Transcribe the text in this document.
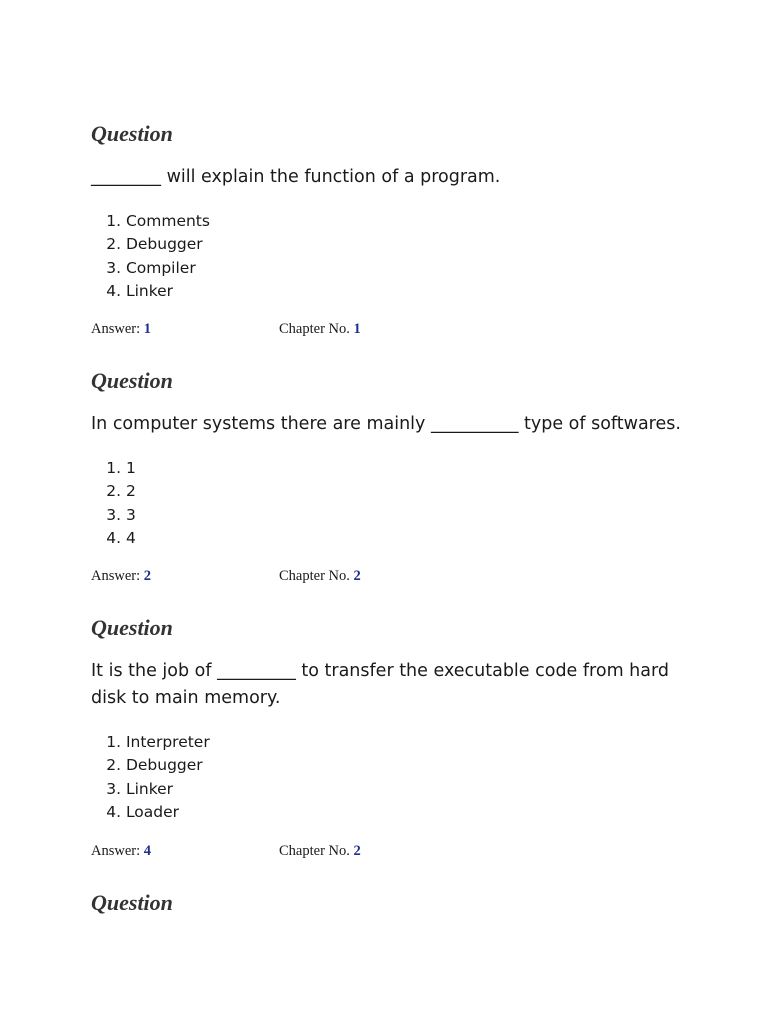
Question

________ will explain the function of a program.

1. Comments
2. Debugger
3. Compiler
4. Linker
Answer: 1	Chapter No. 1
Question

In computer systems there are mainly __________ type of softwares.

1. 1
2. 2
3. 3
4. 4
Answer: 2	Chapter No. 2
Question

It is the job of _________ to transfer the executable code from hard disk to main memory.

1. Interpreter
2. Debugger
3. Linker
4. Loader
Answer: 4	Chapter No. 2
Question
